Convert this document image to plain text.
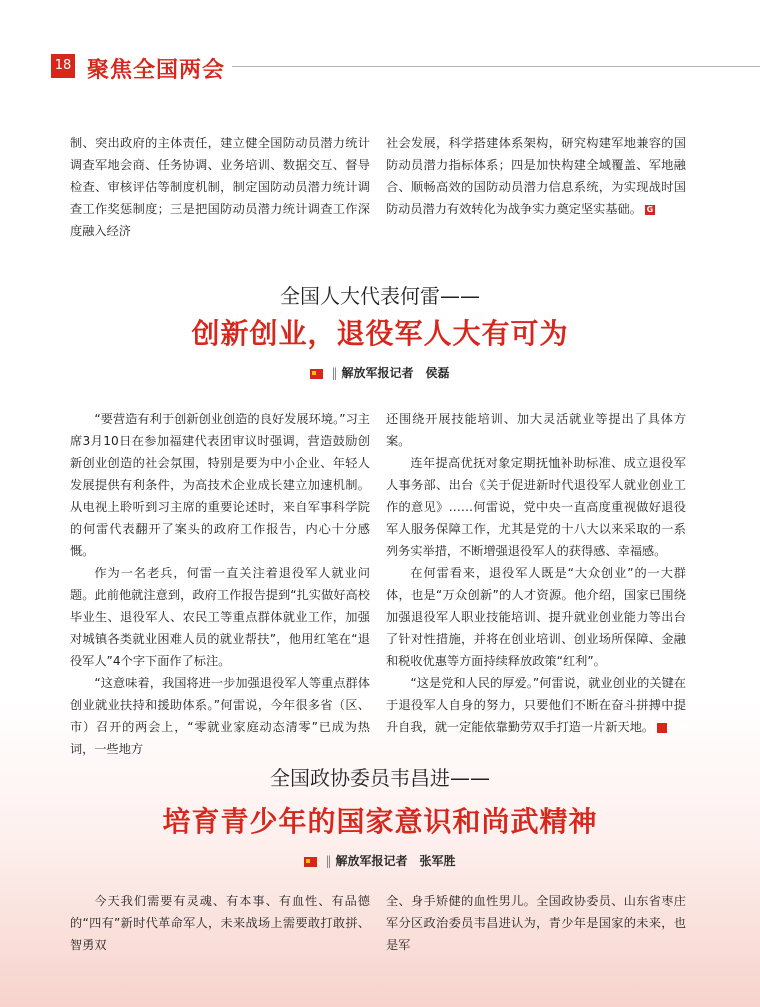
18 聚焦全国两会

制、突出政府的主体责任，建立健全国防动员潜力统计调查军地会商、任务协调、业务培训、数据交互、督导检查、审核评估等制度机制，制定国防动员潜力统计调查工作奖惩制度；三是把国防动员潜力统计调查工作深度融入经济

社会发展，科学搭建体系架构，研究构建军地兼容的国防动员潜力指标体系；四是加快构建全域覆盖、军地融合、顺畅高效的国防动员潜力信息系统，为实现战时国防动员潜力有效转化为战争实力奠定坚实基础。 G

全国人大代表何雷——
创新创业，退役军人大有可为
‖ 解放军报记者 侯磊

“要营造有利于创新创业创造的良好发展环境。”习主席3月10日在参加福建代表团审议时强调，营造鼓励创新创业创造的社会氛围，特别是要为中小企业、年轻人发展提供有利条件，为高技术企业成长建立加速机制。从电视上聆听到习主席的重要论述时，来自军事科学院的何雷代表翻开了案头的政府工作报告，内心十分感慨。

作为一名老兵，何雷一直关注着退役军人就业问题。此前他就注意到，政府工作报告提到“扎实做好高校毕业生、退役军人、农民工等重点群体就业工作，加强对城镇各类就业困难人员的就业帮扶”，他用红笔在“退役军人”4个字下面作了标注。

“这意味着，我国将进一步加强退役军人等重点群体创业就业扶持和援助体系。”何雷说，今年很多省（区、市）召开的两会上，“零就业家庭动态清零”已成为热词，一些地方

还围绕开展技能培训、加大灵活就业等提出了具体方案。

连年提高优抚对象定期抚恤补助标准、成立退役军人事务部、出台《关于促进新时代退役军人就业创业工作的意见》……何雷说，党中央一直高度重视做好退役军人服务保障工作，尤其是党的十八大以来采取的一系列务实举措，不断增强退役军人的获得感、幸福感。

在何雷看来，退役军人既是“大众创业”的一大群体，也是“万众创新”的人才资源。他介绍，国家已围绕加强退役军人职业技能培训、提升就业创业能力等出台了针对性措施，并将在创业培训、创业场所保障、金融和税收优惠等方面持续释放政策“红利”。

“这是党和人民的厚爱。”何雷说，就业创业的关键在于退役军人自身的努力，只要他们不断在奋斗拼搏中提升自我，就一定能依靠勤劳双手打造一片新天地。	G

全国政协委员韦昌进——
培育青少年的国家意识和尚武精神
‖ 解放军报记者 张军胜

今天我们需要有灵魂、有本事、有血性、有品德的“四有”新时代革命军人，未来战场上需要敢打敢拼、智勇双

全、身手矫健的血性男儿。全国政协委员、山东省枣庄军分区政治委员韦昌进认为，青少年是国家的未来，也是军
